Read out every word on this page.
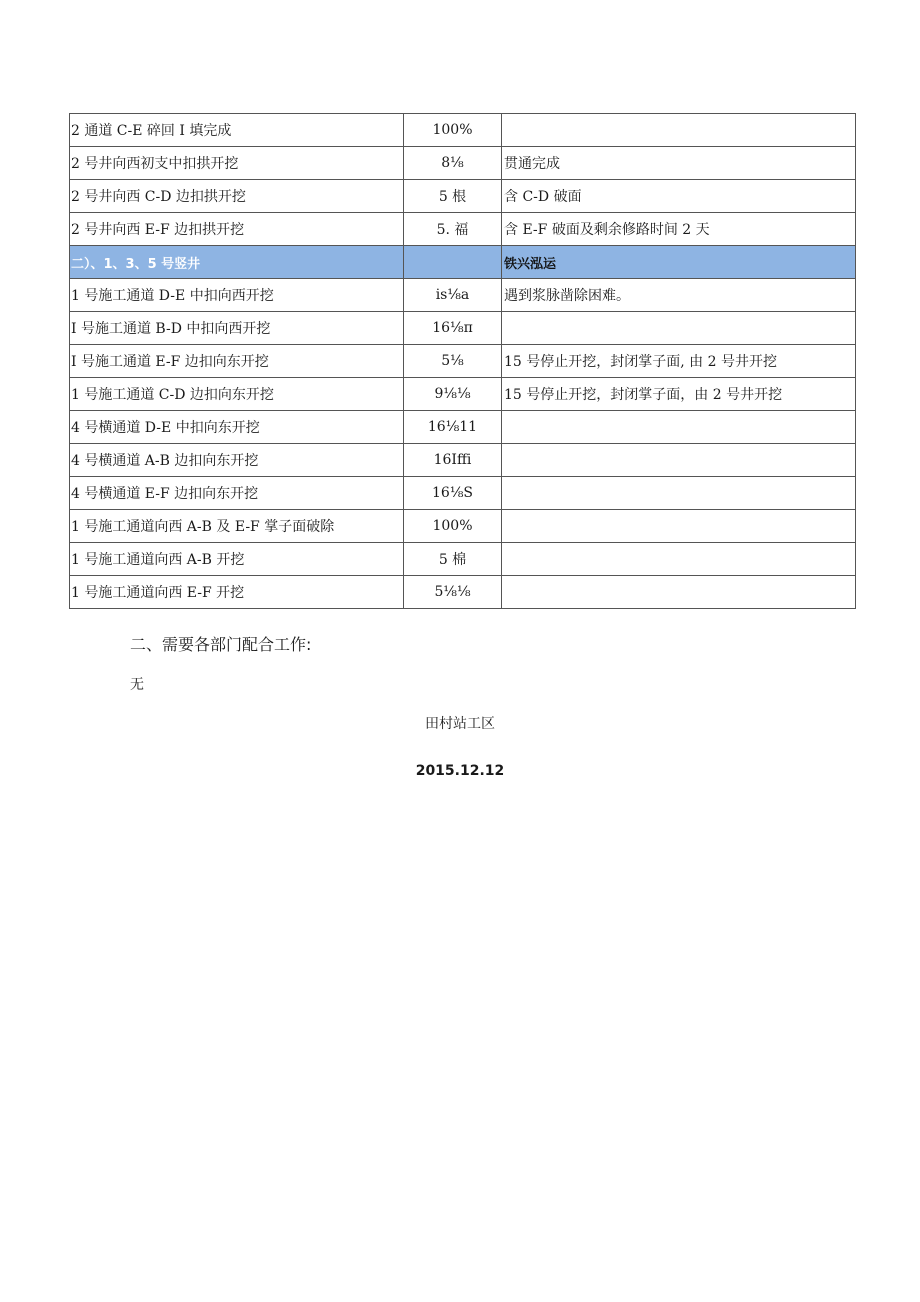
2 通道 C-E 碎回 I 填完成	100%	
2 号井向西初支中扣拱开挖	8⅛	贯通完成
2 号井向西 C-D 边扣拱开挖	5 根	含 C-D 破面
2 号井向西 E-F 边扣拱开挖	5. 福	含 E-F 破面及剩余修路时间 2 天
二）、1、3、5 号竖井		铁兴泓运
1 号施工通道 D-E 中扣向西开挖	is⅛a	遇到浆脉凿除困难。
I 号施工通道 B-D 中扣向西开挖	16⅛π	
I 号施工通道 E-F 边扣向东开挖	5⅛	15 号停止开挖，封闭掌子面, 由 2 号井开挖
1 号施工通道 C-D 边扣向东开挖	9⅛⅛	15 号停止开挖，封闭掌子面，由 2 号井开挖
4 号横通道 D-E 中扣向东开挖	16⅛11	
4 号横通道 A-B 边扣向东开挖	16Iffi	
4 号横通道 E-F 边扣向东开挖	16⅛S	
1 号施工通道向西 A-B 及 E-F 掌子面破除	100%	
1 号施工通道向西 A-B 开挖	5 棉	
1 号施工通道向西 E-F 开挖	5⅛⅛	
二、需要各部门配合工作:
无
田村站工区
2015.12.12
